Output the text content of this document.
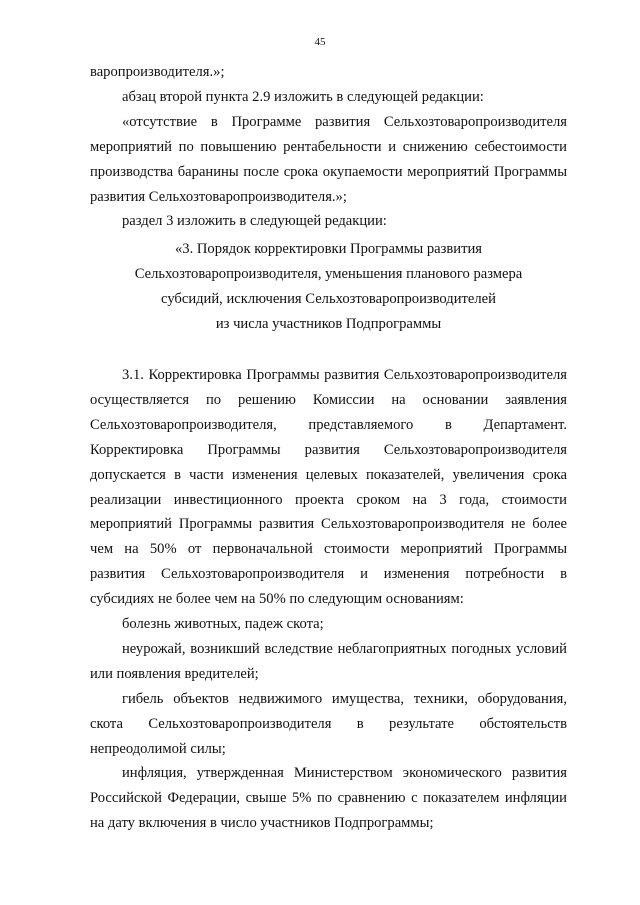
45

варопроизводителя.»;

абзац второй пункта 2.9 изложить в следующей редакции:

«отсутствие в Программе развития Сельхозтоваропроизводителя мероприятий по повышению рентабельности и снижению себестоимости производства баранины после срока окупаемости мероприятий Программы развития Сельхозтоваропроизводителя.»;

раздел 3 изложить в следующей редакции:

«3. Порядок корректировки Программы развития
Сельхозтоваропроизводителя, уменьшения планового размера
субсидий, исключения Сельхозтоваропроизводителей
из числа участников Подпрограммы

3.1. Корректировка Программы развития Сельхозтоваропроизводителя осуществляется по решению Комиссии на основании заявления Сельхозтоваропроизводителя, представляемого в Департамент. Корректировка Программы развития Сельхозтоваропроизводителя допускается в части изменения целевых показателей, увеличения срока реализации инвестиционного проекта сроком на 3 года, стоимости мероприятий Программы развития Сельхозтоваропроизводителя не более чем на 50% от первоначальной стоимости мероприятий Программы развития Сельхозтоваропроизводителя и изменения потребности в субсидиях не более чем на 50% по следующим основаниям:

болезнь животных, падеж скота;

неурожай, возникший вследствие неблагоприятных погодных условий или появления вредителей;

гибель объектов недвижимого имущества, техники, оборудования, скота Сельхозтоваропроизводителя в результате обстоятельств непреодолимой силы;

инфляция, утвержденная Министерством экономического развития Российской Федерации, свыше 5% по сравнению с показателем инфляции на дату включения в число участников Подпрограммы;
